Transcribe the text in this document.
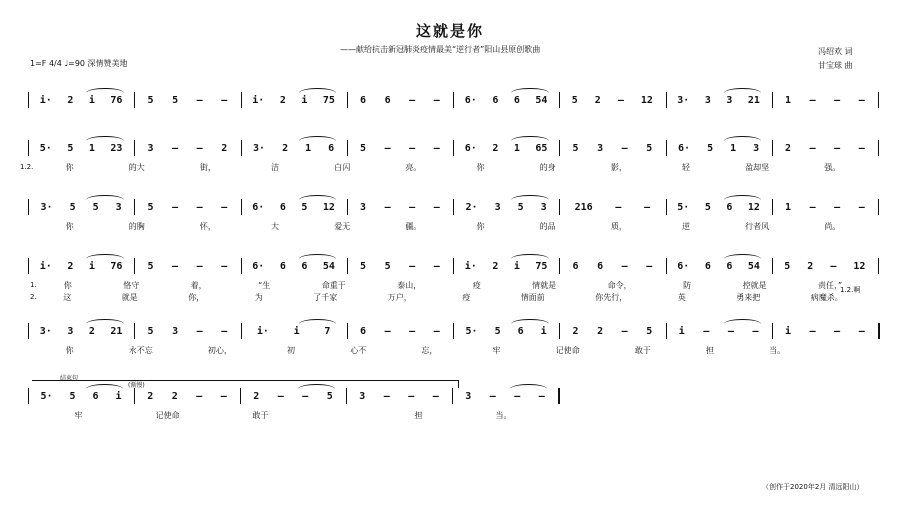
这就是你
——献给抗击新冠肺炎疫情最美“逆行者”阳山县原创歌曲	冯绍欢 词
甘宝球 曲
1=F 4/4 ♩=90 深情赞美地
i· 2 i 76	5 5 – –	i· 2 i 75	6 6 – –	6· 6 6 54 5 2 – 12 3· 3 3 21	1 – – –
5· 5 1 23	3 – – 2	3· 2 1 6	5 – – –	6· 2 1 65	5 3 – 5	6· 5 1 3	2 – – –
你	的大	街，	洁	白闪	亮。	你	的身	影，	轻	盈却坚	强。
3· 5 5 3	5 – – –	6· 6 5 12	3 – – –	2· 3 5 3	216 – –	5· 5 6 12	1 – – –
你	的胸	怀，	大	爱无	疆。	你	的品	质，	逆	行者风	尚。
i· 2 i 76	5 – – –	6· 6 6 54	5 5 – –	i· 2 i 75	6 6 – –	6· 6 6 54 5 2 – 12
你	恪守	着，	“生	命重于	泰山，	疫	情就是	命令，	防	控就是	责任，”
这	就是	你，	为	了千家	万户，	疫	情面前	你先行，	英	勇来把	病魔杀。
3· 3 2 21	5 3 – –	i· i 7	6 – – –	5· 5 6 i	2 2 – 5	i – – –	i – – –
你	永不忘	初心，	初	心不	忘，	牢	记使命	敢于	担	当。
5· 5 6 i	2 2 – –	2 – – 5	3 – – –	3 – – –
牢	记使命	敢于	担	当。
1.2.
1.
2.
1.2.啊
结束句
(渐慢)
（创作于2020年2月 清远阳山）
